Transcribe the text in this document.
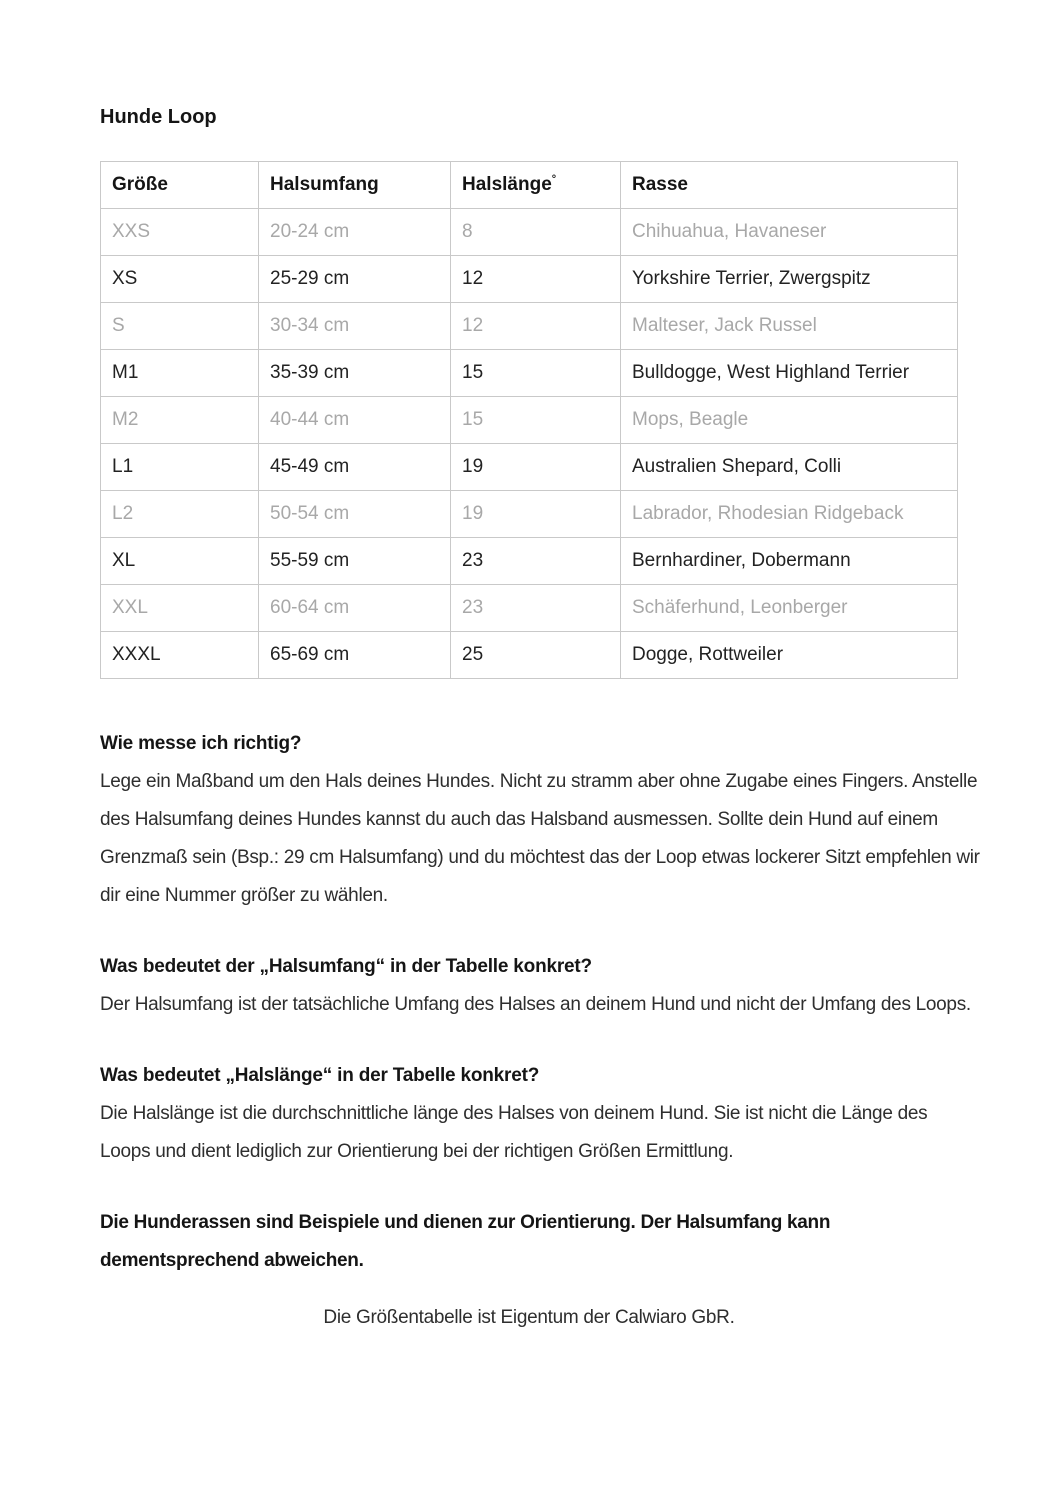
Hunde Loop
Größe	Halsumfang	Halslänge°	Rasse
XXS	20-24 cm	8	Chihuahua, Havaneser
XS	25-29 cm	12	Yorkshire Terrier, Zwergspitz
S	30-34 cm	12	Malteser, Jack Russel
M1	35-39 cm	15	Bulldogge, West Highland Terrier
M2	40-44 cm	15	Mops, Beagle
L1	45-49 cm	19	Australien Shepard, Colli
L2	50-54 cm	19	Labrador, Rhodesian Ridgeback
XL	55-59 cm	23	Bernhardiner, Dobermann
XXL	60-64 cm	23	Schäferhund, Leonberger
XXXL	65-69 cm	25	Dogge, Rottweiler
Wie messe ich richtig?

Lege ein Maßband um den Hals deines Hundes. Nicht zu stramm aber ohne Zugabe eines Fingers. Anstelle des Halsumfang deines Hundes kannst du auch das Halsband ausmessen. Sollte dein Hund auf einem Grenzmaß sein (Bsp.: 29 cm Halsumfang) und du möchtest das der Loop etwas lockerer Sitzt empfehlen wir dir eine Nummer größer zu wählen.

Was bedeutet der „Halsumfang“ in der Tabelle konkret?

Der Halsumfang ist der tatsächliche Umfang des Halses an deinem Hund und nicht der Umfang des Loops.

Was bedeutet „Halslänge“ in der Tabelle konkret?

Die Halslänge ist die durchschnittliche länge des Halses von deinem Hund. Sie ist nicht die Länge des Loops und dient lediglich zur Orientierung bei der richtigen Größen Ermittlung.

Die Hunderassen sind Beispiele und dienen zur Orientierung. Der Halsumfang kann dementsprechend abweichen.

Die Größentabelle ist Eigentum der Calwiaro GbR.
